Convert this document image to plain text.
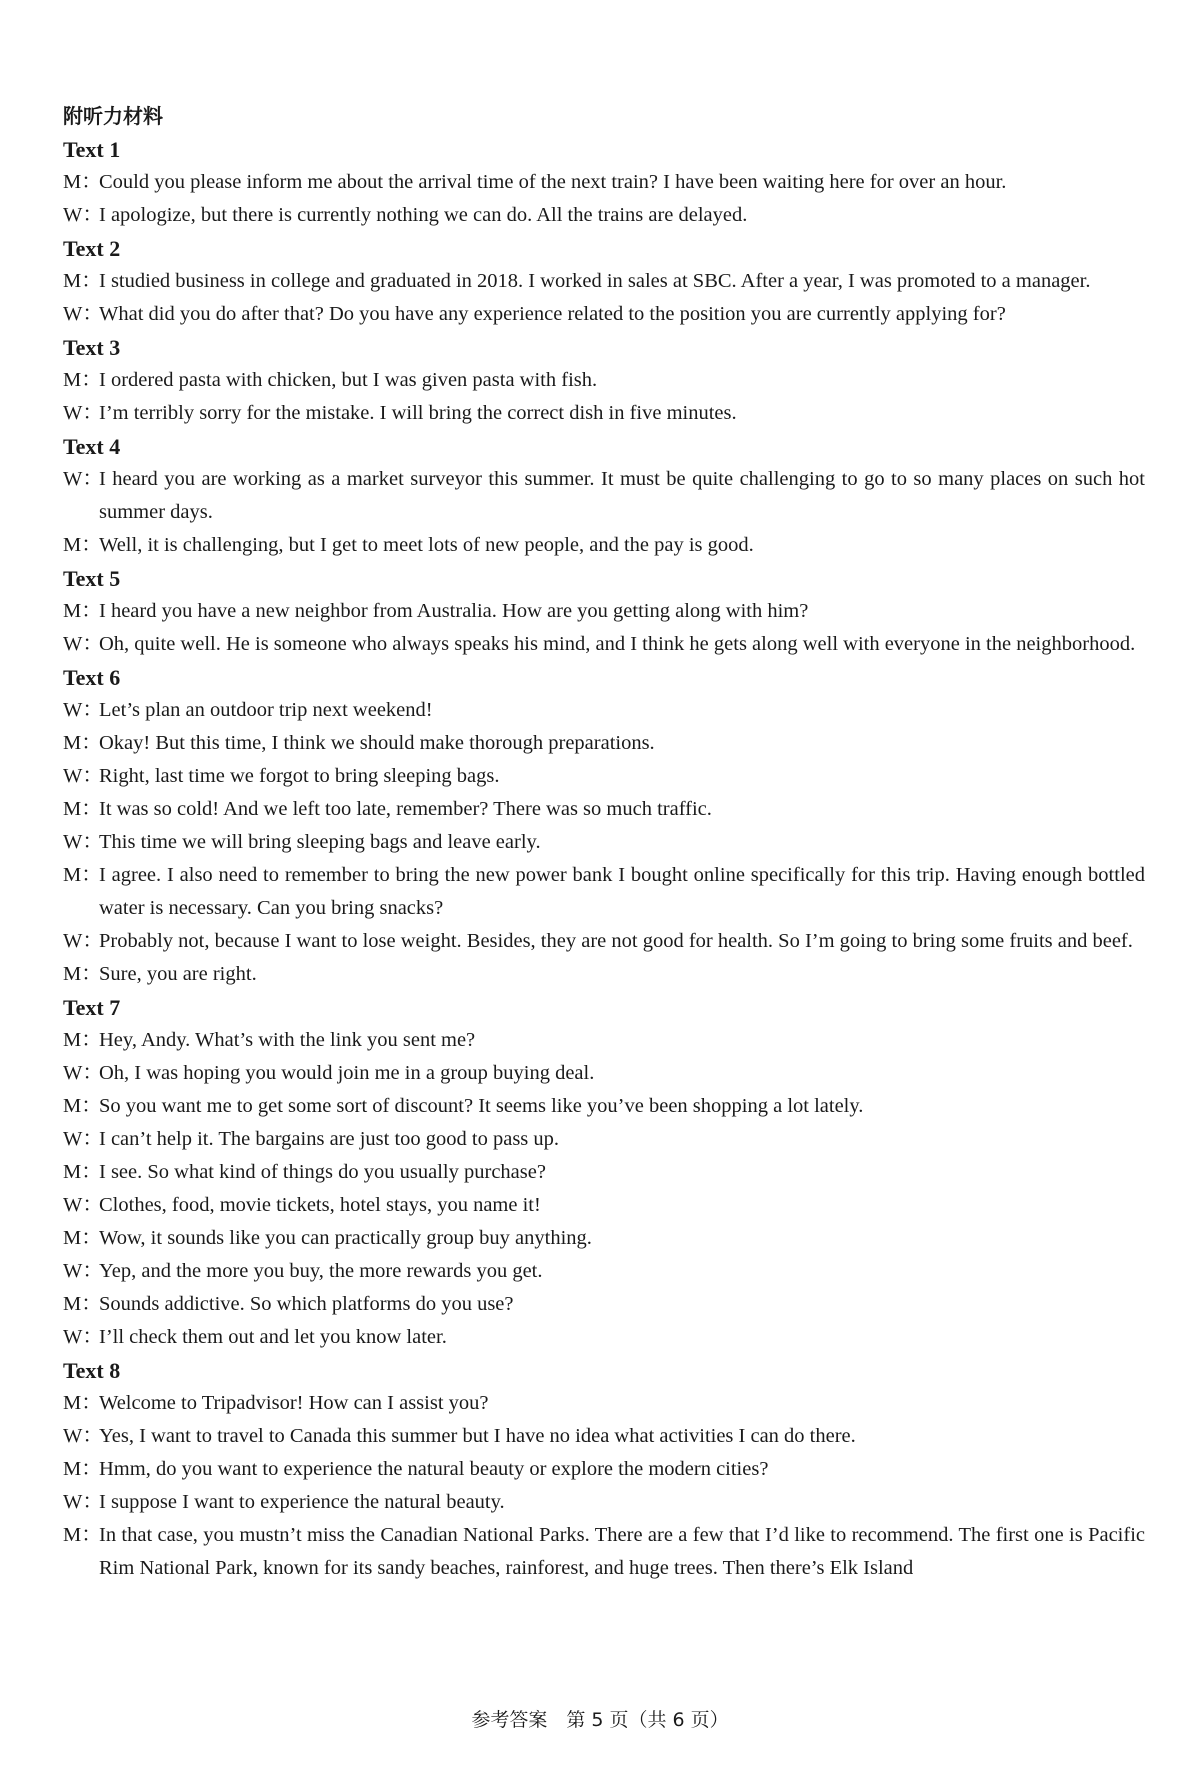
附听力材料
Text 1
M：Could you please inform me about the arrival time of the next train? I have been waiting here for over an hour.
W：I apologize, but there is currently nothing we can do. All the trains are delayed.
Text 2
M：I studied business in college and graduated in 2018. I worked in sales at SBC. After a year, I was promoted to a manager.
W：What did you do after that? Do you have any experience related to the position you are currently applying for?
Text 3
M：I ordered pasta with chicken, but I was given pasta with fish.
W：I’m terribly sorry for the mistake. I will bring the correct dish in five minutes.
Text 4
W：I heard you are working as a market surveyor this summer. It must be quite challenging to go to so many places on such hot summer days.
M：Well, it is challenging, but I get to meet lots of new people, and the pay is good.
Text 5
M：I heard you have a new neighbor from Australia. How are you getting along with him?
W：Oh, quite well. He is someone who always speaks his mind, and I think he gets along well with everyone in the neighborhood.
Text 6
W：Let’s plan an outdoor trip next weekend!
M：Okay! But this time, I think we should make thorough preparations.
W：Right, last time we forgot to bring sleeping bags.
M：It was so cold! And we left too late, remember? There was so much traffic.
W：This time we will bring sleeping bags and leave early.
M：I agree. I also need to remember to bring the new power bank I bought online specifically for this trip. Having enough bottled water is necessary. Can you bring snacks?
W：Probably not, because I want to lose weight. Besides, they are not good for health. So I’m going to bring some fruits and beef.
M：Sure, you are right.
Text 7
M：Hey, Andy. What’s with the link you sent me?
W：Oh, I was hoping you would join me in a group buying deal.
M：So you want me to get some sort of discount? It seems like you’ve been shopping a lot lately.
W：I can’t help it. The bargains are just too good to pass up.
M：I see. So what kind of things do you usually purchase?
W：Clothes, food, movie tickets, hotel stays, you name it!
M：Wow, it sounds like you can practically group buy anything.
W：Yep, and the more you buy, the more rewards you get.
M：Sounds addictive. So which platforms do you use?
W：I’ll check them out and let you know later.
Text 8
M：Welcome to Tripadvisor! How can I assist you?
W：Yes, I want to travel to Canada this summer but I have no idea what activities I can do there.
M：Hmm, do you want to experience the natural beauty or explore the modern cities?
W：I suppose I want to experience the natural beauty.
M：In that case, you mustn’t miss the Canadian National Parks. There are a few that I’d like to recommend. The first one is Pacific Rim National Park, known for its sandy beaches, rainforest, and huge trees. Then there’s Elk Island
参考答案　第 5 页（共 6 页）
